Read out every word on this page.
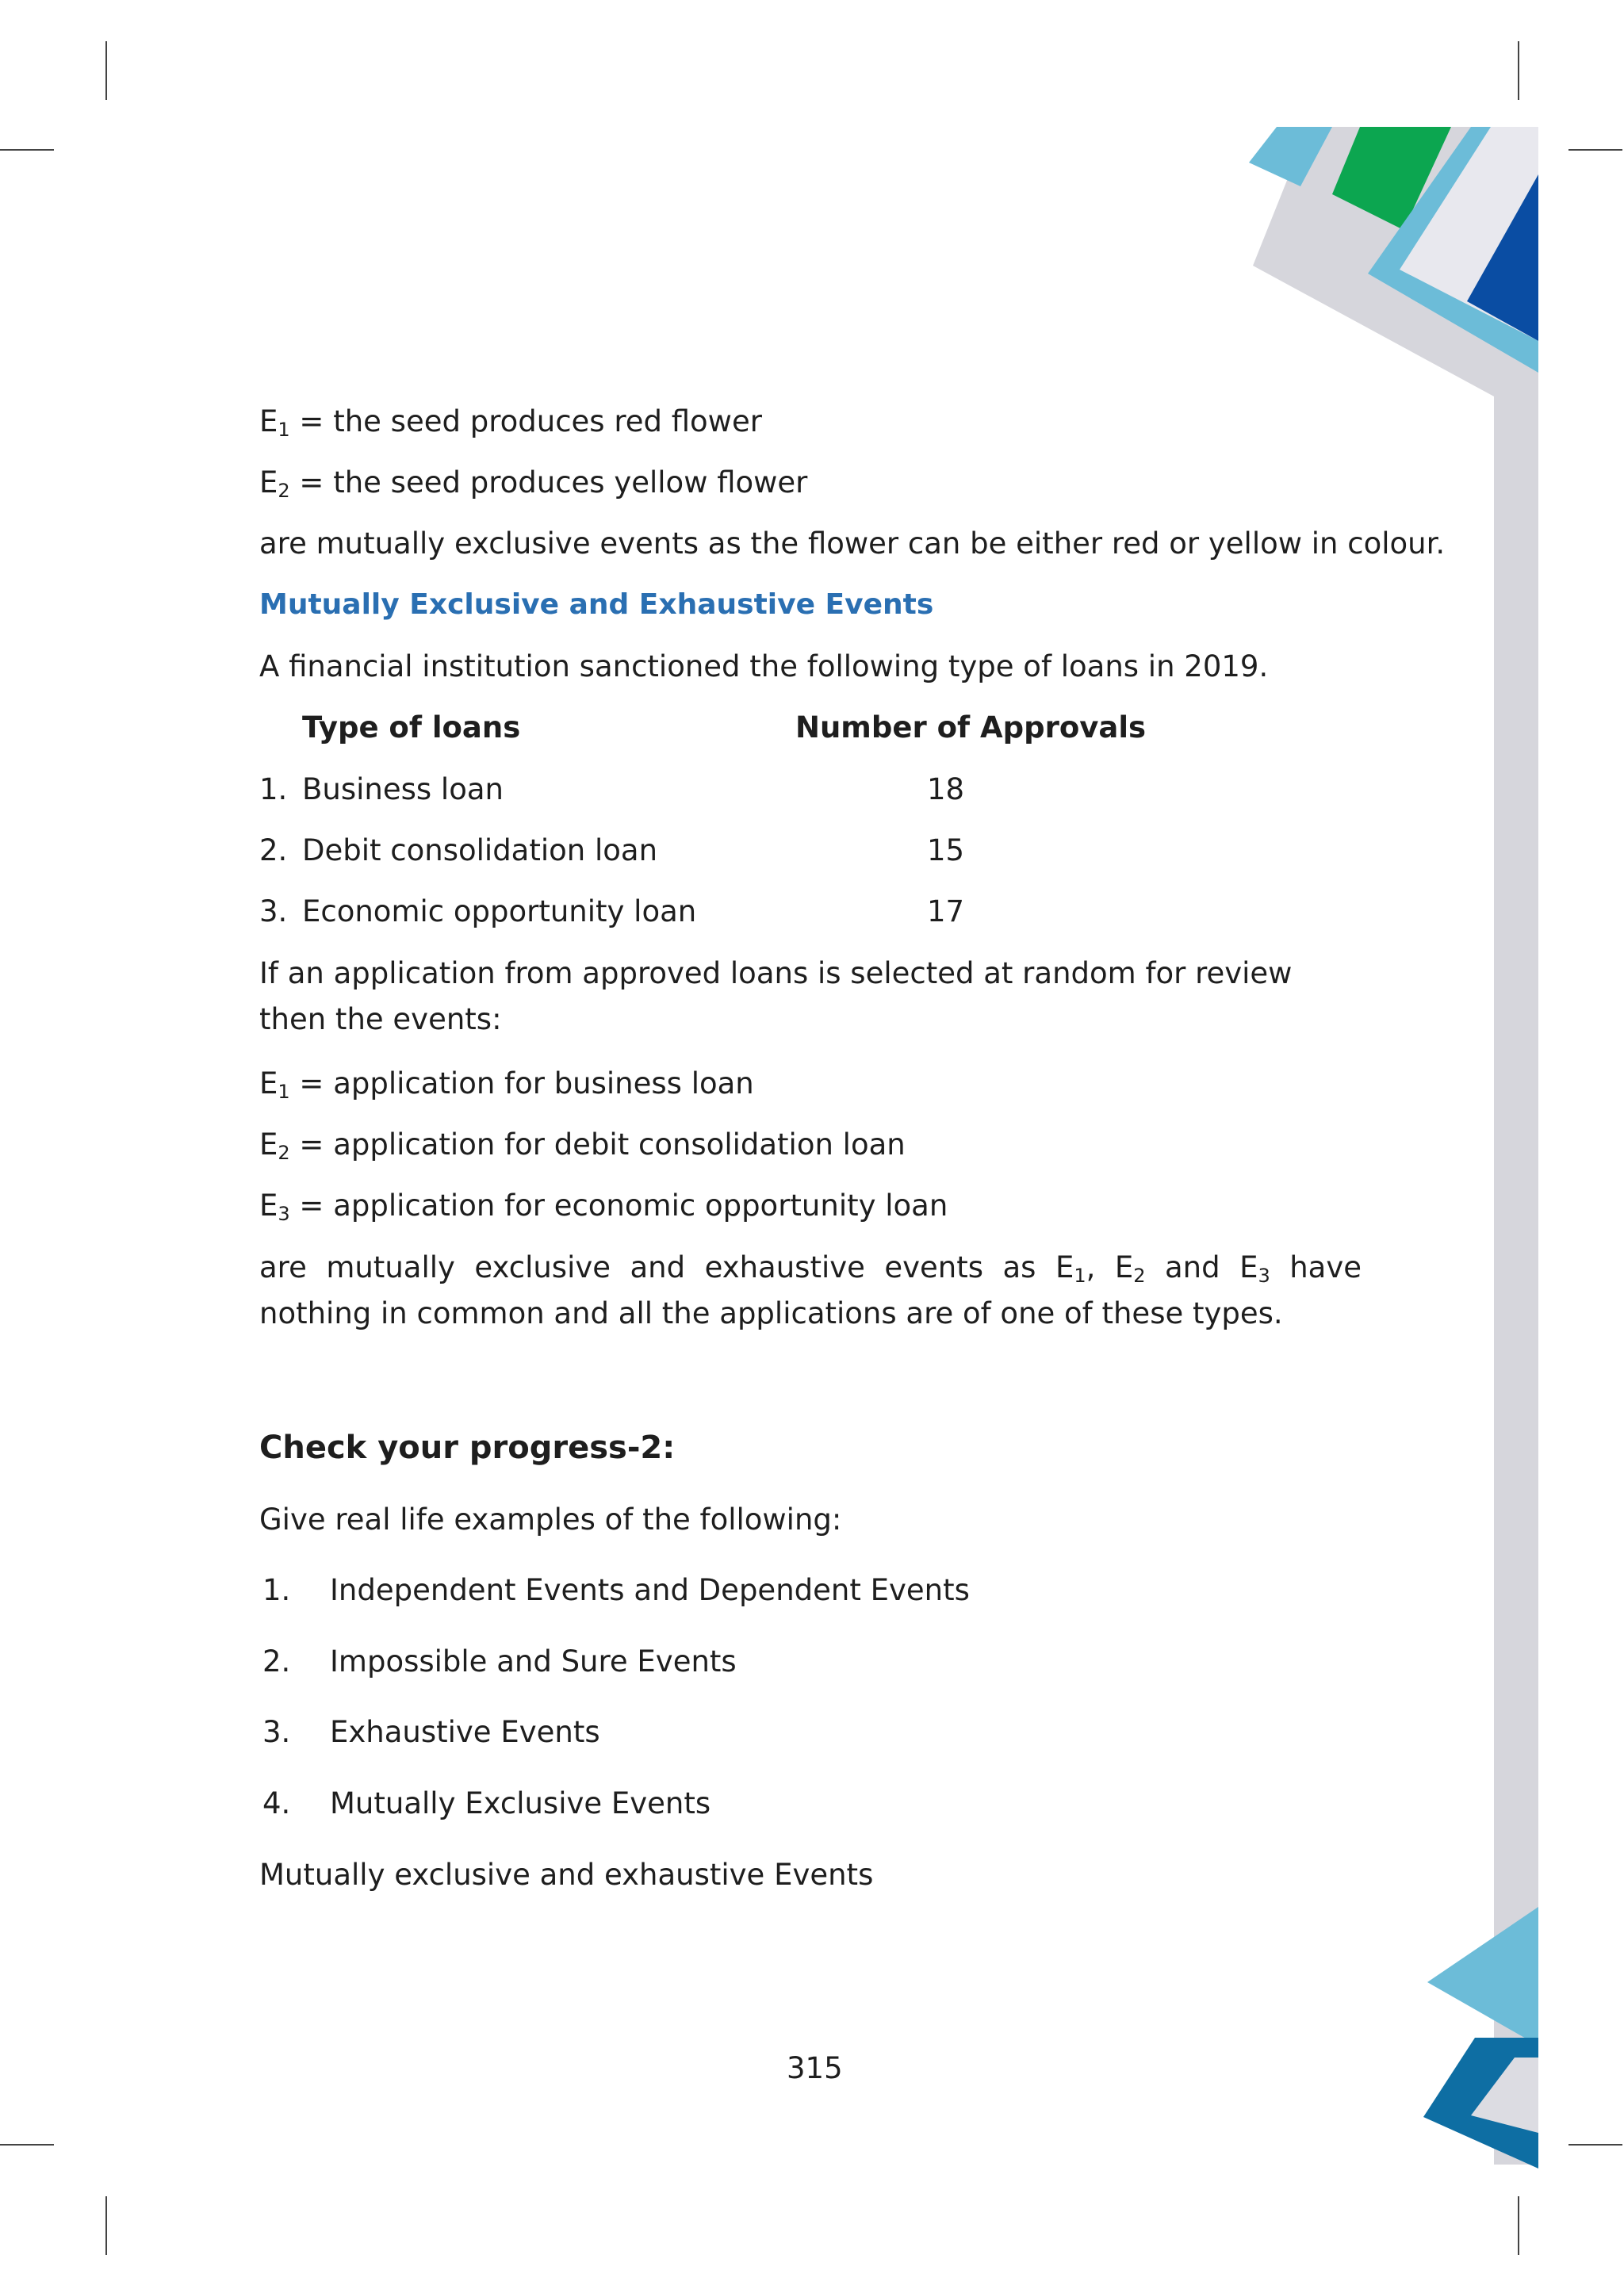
$E_1$ = the seed produces red flower
$E_2$ = the seed produces yellow flower
are mutually exclusive events as the flower can be either red or yellow in colour.
Mutually Exclusive and Exhaustive Events
A financial institution sanctioned the following type of loans in 2019.
Type of loans	Number of Approvals
1. Business loan	18
2. Debit consolidation loan	15
3. Economic opportunity loan	17
If an application from approved loans is selected at random for review then the events:
$E_1$ = application for business loan
$E_2$ = application for debit consolidation loan
$E_3$ = application for economic opportunity loan
are mutually exclusive and exhaustive events as $E_1$, $E_2$ and $E_3$ have nothing in common and all the applications are of one of these types.
Check your progress-2:
Give real life examples of the following:
1. Independent Events and Dependent Events
2. Impossible and Sure Events
3. Exhaustive Events
4. Mutually Exclusive Events
Mutually exclusive and exhaustive Events
315
